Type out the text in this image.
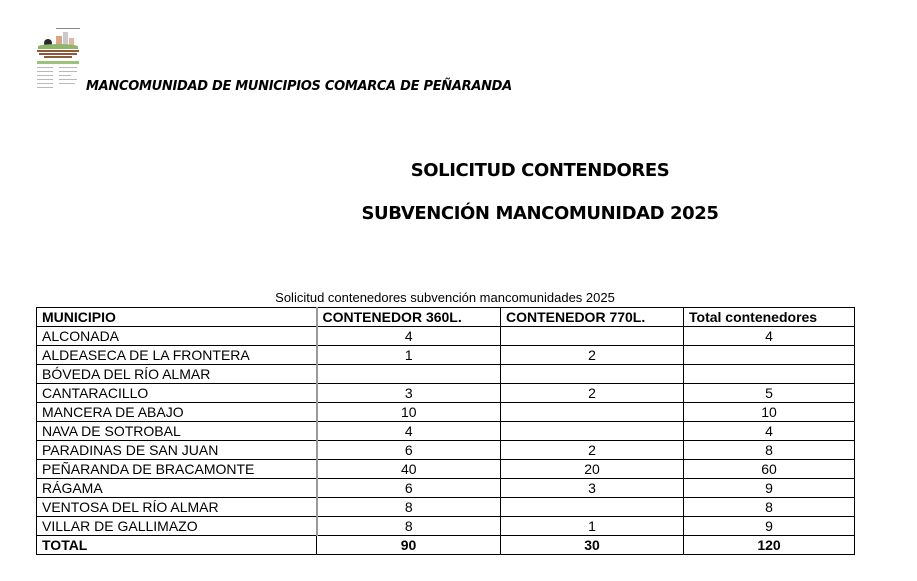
MANCOMUNIDAD DE MUNICIPIOS COMARCA DE PEÑARANDA
SOLICITUD CONTENDORES
SUBVENCIÓN MANCOMUNIDAD 2025
Solicitud contenedores subvención mancomunidades 2025
MUNICIPIO	CONTENEDOR 360L.	CONTENEDOR 770L.	Total contenedores
ALCONADA	4		4
ALDEASECA DE LA FRONTERA	1	2	
BÓVEDA DEL RÍO ALMAR			
CANTARACILLO	3	2	5
MANCERA DE ABAJO	10		10
NAVA DE SOTROBAL	4		4
PARADINAS DE SAN JUAN	6	2	8
PEÑARANDA DE BRACAMONTE	40	20	60
RÁGAMA	6	3	9
VENTOSA DEL RÍO ALMAR	8		8
VILLAR DE GALLIMAZO	8	1	9
TOTAL	90	30	120
